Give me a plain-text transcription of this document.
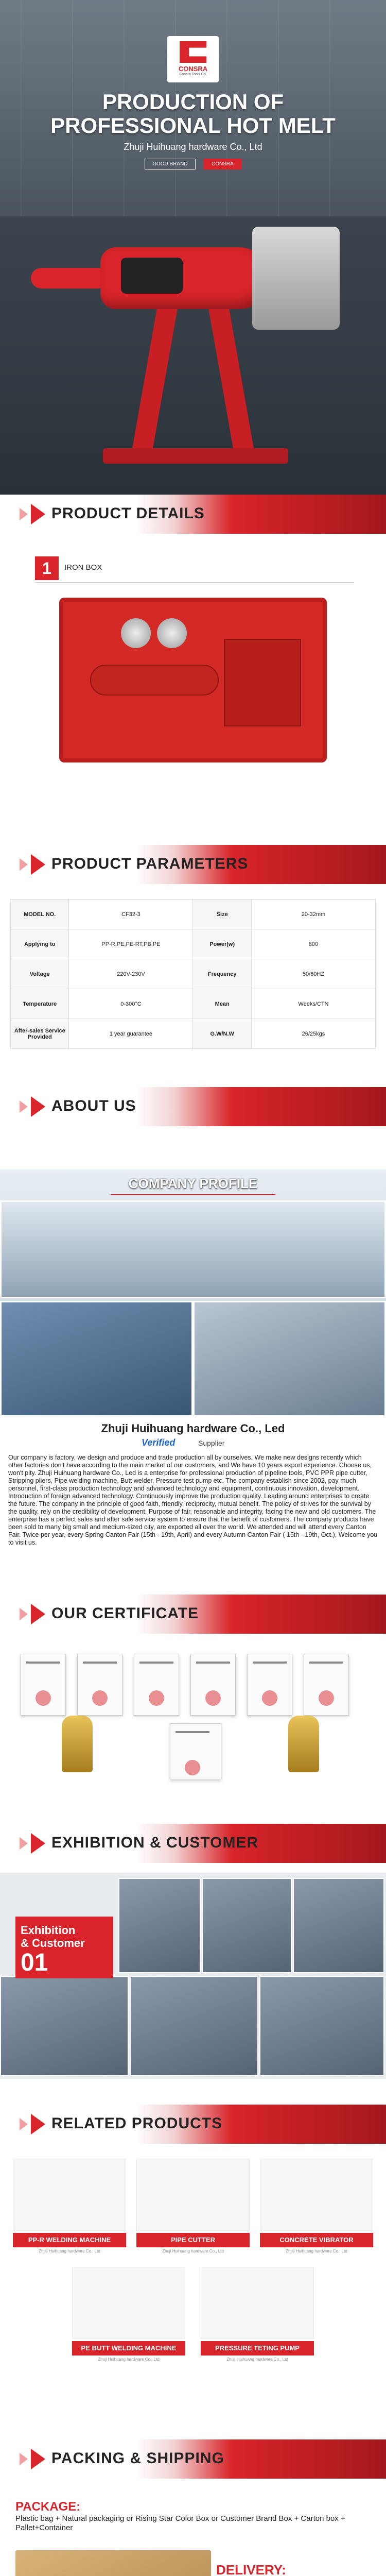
CONSRA
Consra Tools Co.
PRODUCTION OF
PROFESSIONAL HOT MELT
Zhuji Huihuang hardware Co., Ltd
GOOD BRAND	CONSRA
PRODUCT DETAILS
1	IRON BOX
PRODUCT PARAMETERS
MODEL NO.	CF32-3	Size	20-32mm
Applying to	PP-R,PE,PE-RT,PB,PE	Power(w)	800
Voltage	220V-230V	Frequency	50/60HZ
Temperature	0-300°C	Mean	Weeks/CTN
After-sales Service Provided	1 year guarantee	G.W/N.W	26/25kgs
ABOUT US
COMPANY PROFILE
Zhuji Huihuang hardware Co., Led
Verified	Supplier
Our company is factory, we design and produce and trade production all by ourselves. We make new designs recently which other factories don't have according to the main market of our customers, and We have 10 years export experience. Choose us, won't pity. Zhuji Huihuang hardware Co., Led is a enterprise for professional production of pipeline tools, PVC PPR pipe cutter, Stripping pliers, Pipe welding machine, Butt welder, Pressure test pump etc. The company establish since 2002, pay much personnel, first-class production technology and advanced technology and equipment, continuous innovation, development. Introduction of foreign advanced technology. Continuously improve the production quality. Leading around enterprises to create the future. The company in the principle of good faith, friendly, reciprocity, mutual benefit. The policy of strives for the survival by the quality, rely on the credibility of development. Purpose of fair, reasonable and integrity, facing the new and old customers. The enterprise has a perfect sales and after sale service system to ensure that the benefit of customers. The company products have been sold to many big small and medium-sized city, are exported all over the world. We attended and will attend every Canton Fair. Twice per year, every Spring Canton Fair (15th - 19th, April) and every Autumn Canton Fair ( 15th - 19th, Oct.), Welcome you to visit us.
OUR CERTIFICATE
EXHIBITION & CUSTOMER
Exhibition
& Customer
01
RELATED PRODUCTS
PP-R WELDING MACHINE
Zhuji Huihuang hardware Co., Ltd
PIPE CUTTER
Zhuji Huihuang hardware Co., Ltd
CONCRETE VIBRATOR
Zhuji Huihuang hardware Co., Ltd
PE BUTT WELDING MACHINE
Zhuji Huihuang hardware Co., Ltd
PRESSURE TETING PUMP
Zhuji Huihuang hardware Co., Ltd
PACKING & SHIPPING
PACKAGE:
Plastic bag + Natural packaging or Rising Star Color Box or Customer Brand Box + Carton box + Pallet+Container
DELIVERY:
